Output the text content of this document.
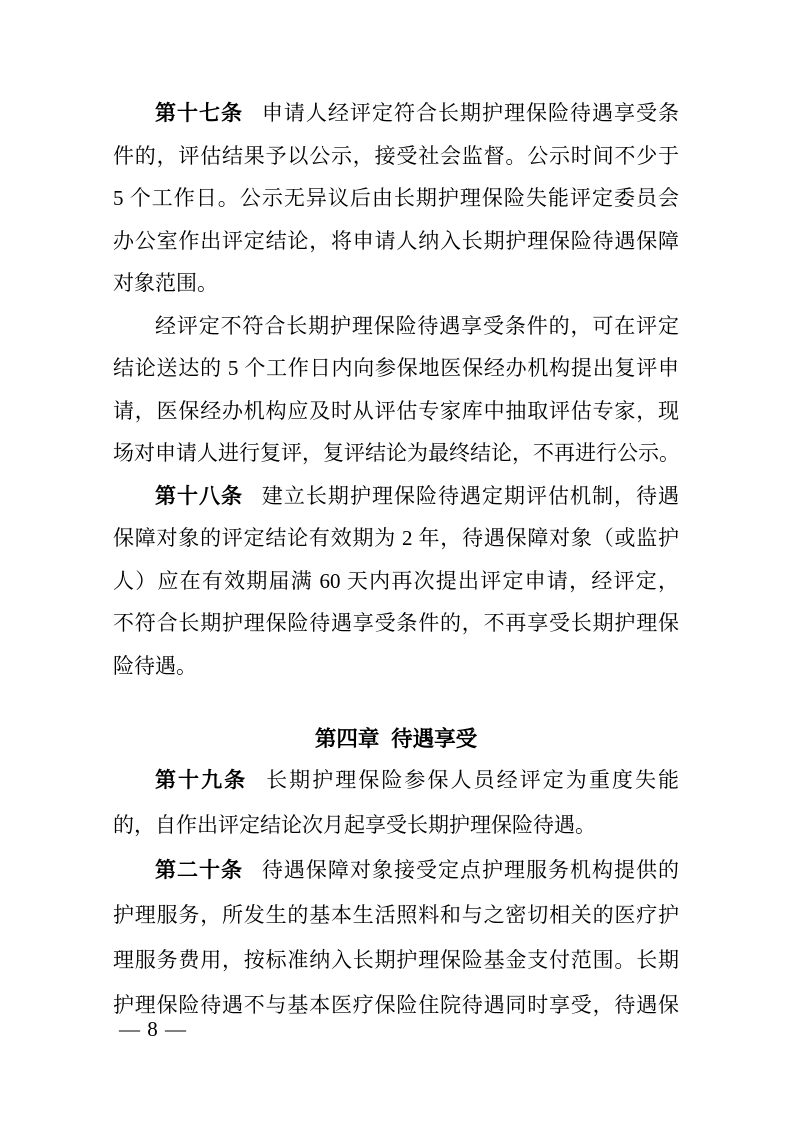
第十七条 申请人经评定符合长期护理保险待遇享受条
件的，评估结果予以公示，接受社会监督。公示时间不少于
5 个工作日。公示无异议后由长期护理保险失能评定委员会
办公室作出评定结论，将申请人纳入长期护理保险待遇保障
对象范围。
经评定不符合长期护理保险待遇享受条件的，可在评定
结论送达的 5 个工作日内向参保地医保经办机构提出复评申
请，医保经办机构应及时从评估专家库中抽取评估专家，现
场对申请人进行复评，复评结论为最终结论，不再进行公示。
第十八条 建立长期护理保险待遇定期评估机制，待遇
保障对象的评定结论有效期为 2 年，待遇保障对象（或监护
人）应在有效期届满 60 天内再次提出评定申请，经评定，
不符合长期护理保险待遇享受条件的，不再享受长期护理保
险待遇。
第四章 待遇享受
第十九条 长期护理保险参保人员经评定为重度失能
的，自作出评定结论次月起享受长期护理保险待遇。
第二十条 待遇保障对象接受定点护理服务机构提供的
护理服务，所发生的基本生活照料和与之密切相关的医疗护
理服务费用，按标准纳入长期护理保险基金支付范围。长期
护理保险待遇不与基本医疗保险住院待遇同时享受，待遇保
— 8 —
